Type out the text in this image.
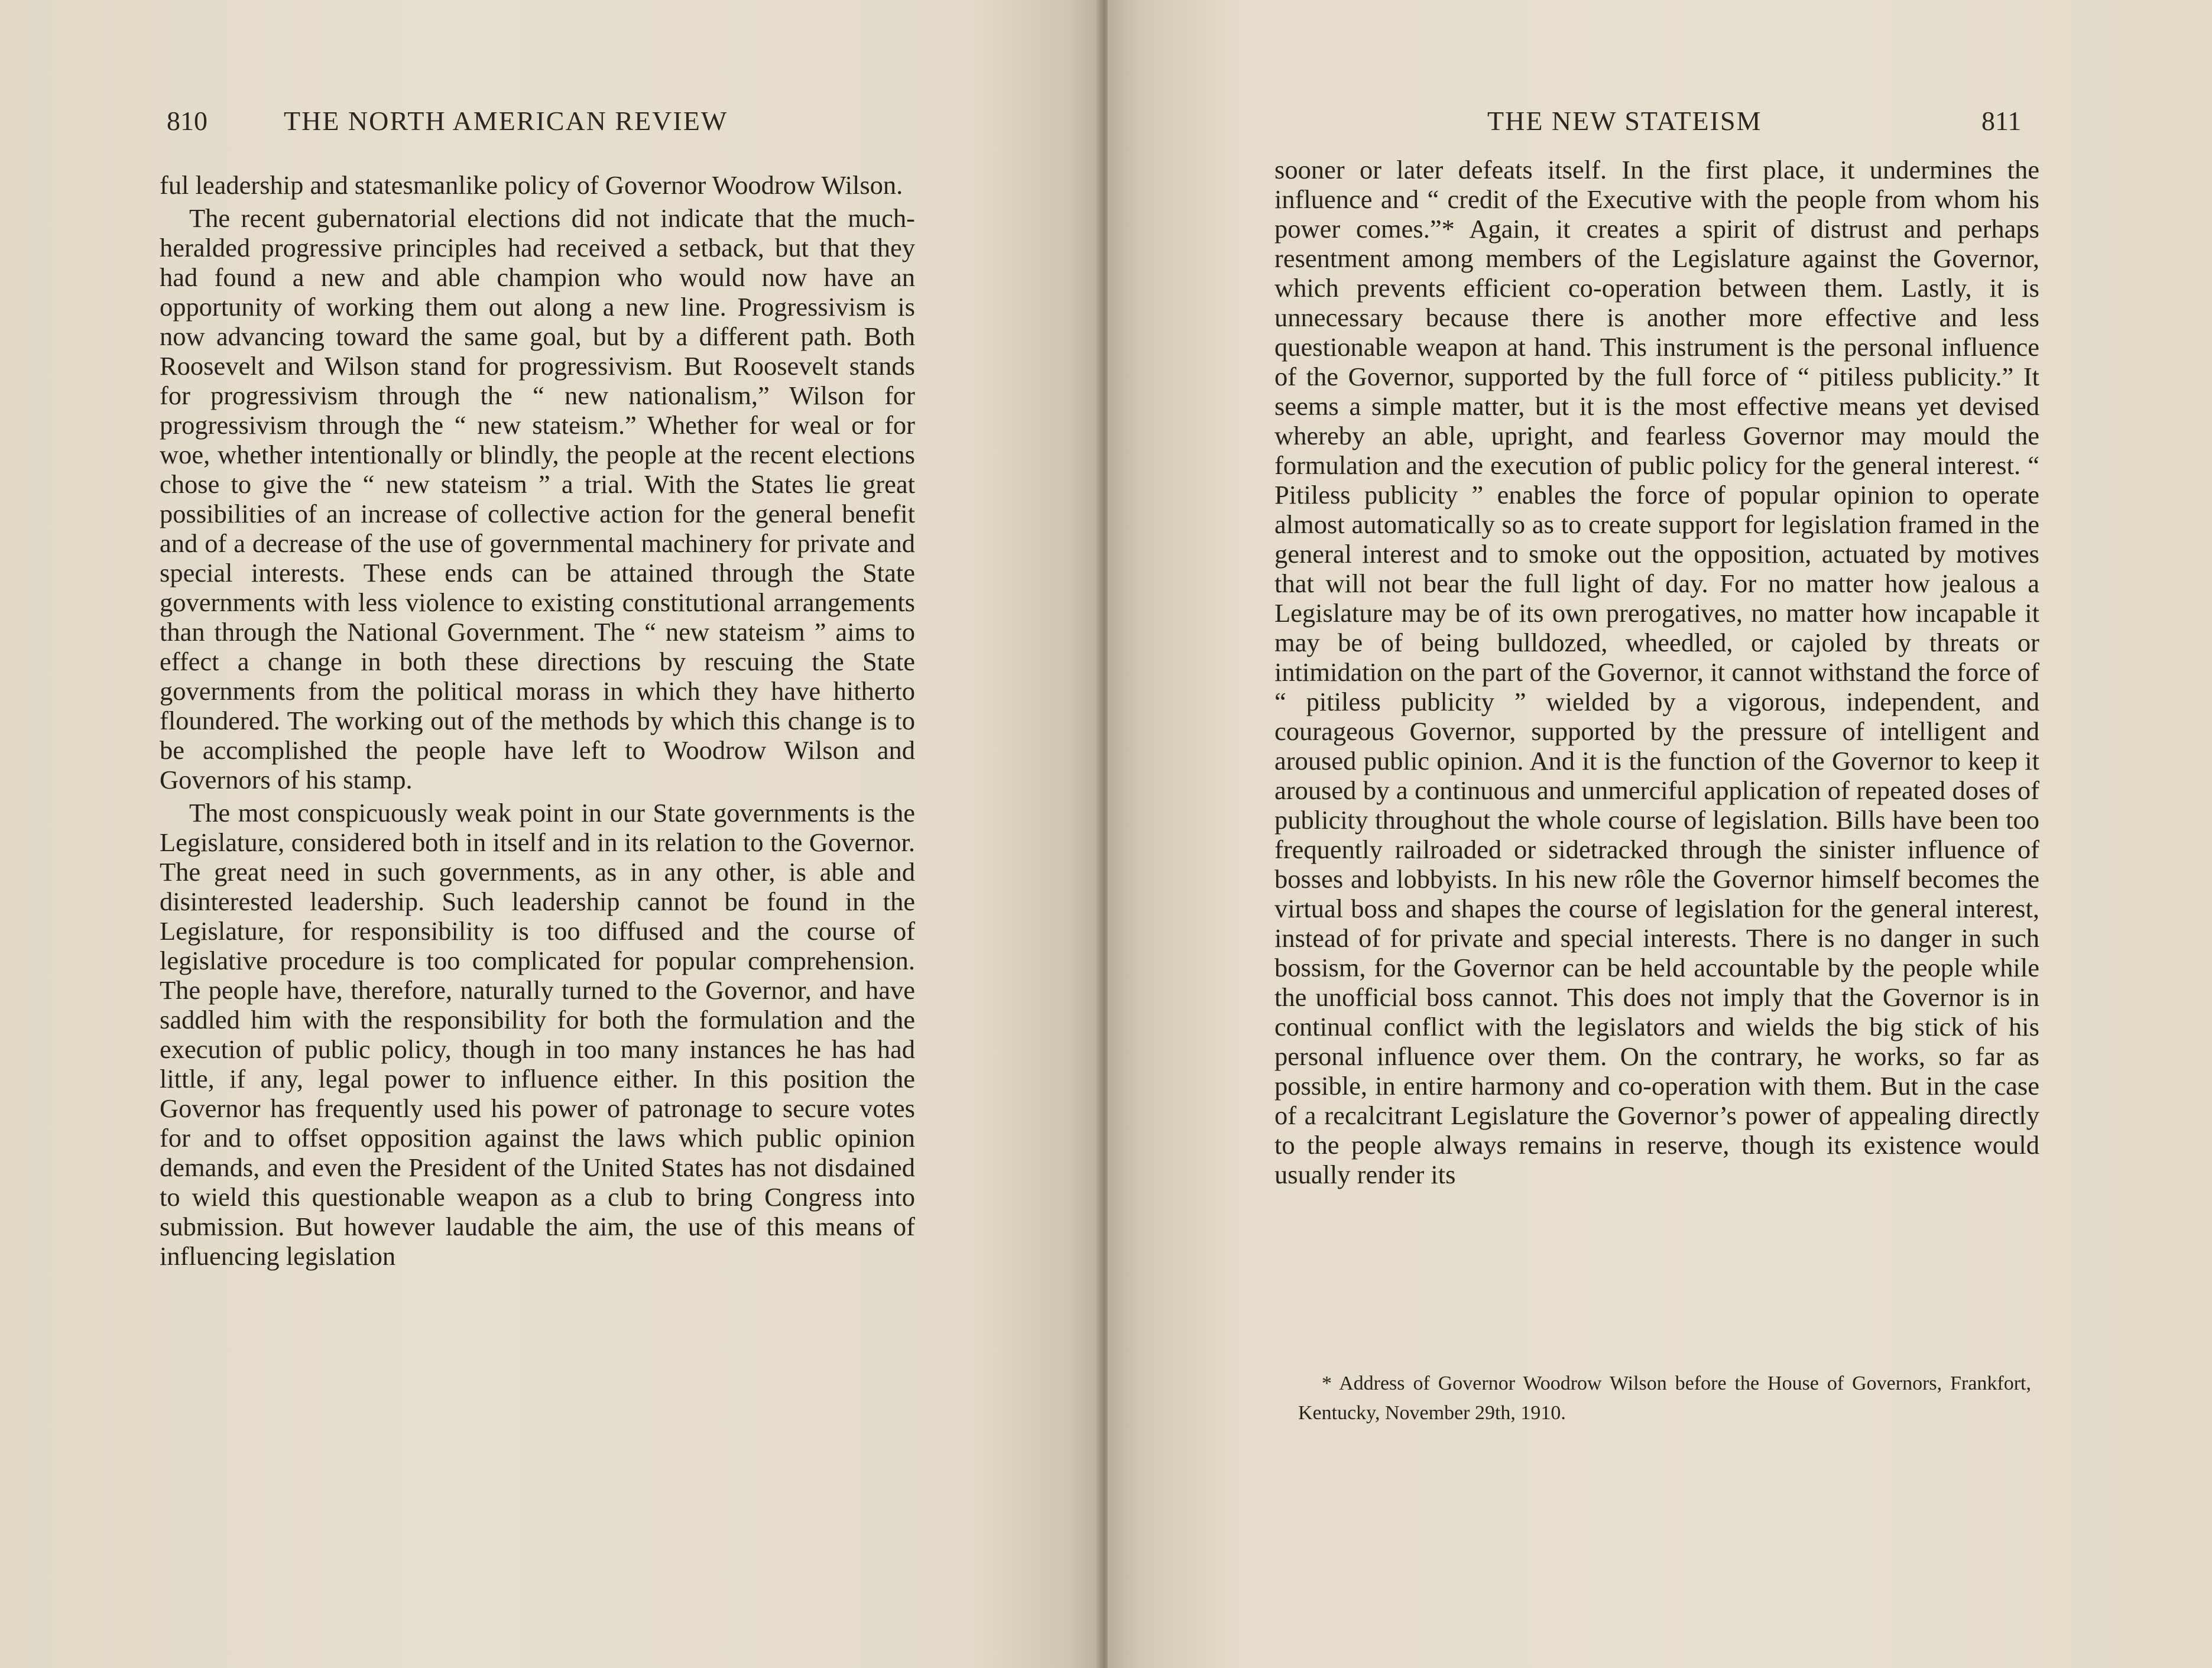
810	THE NORTH AMERICAN REVIEW

ful leadership and statesmanlike policy of Governor Woodrow Wilson.

The recent gubernatorial elections did not indicate that the much-heralded progressive principles had received a setback, but that they had found a new and able champion who would now have an opportunity of working them out along a new line. Progressivism is now advancing toward the same goal, but by a different path. Both Roosevelt and Wilson stand for progressivism. But Roosevelt stands for progressivism through the “ new nationalism,” Wilson for progressivism through the “ new stateism.” Whether for weal or for woe, whether intentionally or blindly, the people at the recent elections chose to give the “ new stateism ” a trial. With the States lie great possibilities of an increase of collective action for the general benefit and of a decrease of the use of governmental machinery for private and special interests. These ends can be attained through the State governments with less violence to existing constitutional arrangements than through the National Government. The “ new stateism ” aims to effect a change in both these directions by rescuing the State governments from the political morass in which they have hitherto floundered. The working out of the methods by which this change is to be accomplished the people have left to Woodrow Wilson and Governors of his stamp.

The most conspicuously weak point in our State governments is the Legislature, considered both in itself and in its relation to the Governor. The great need in such governments, as in any other, is able and disinterested leadership. Such leadership cannot be found in the Legislature, for responsibility is too diffused and the course of legislative procedure is too complicated for popular comprehension. The people have, therefore, naturally turned to the Governor, and have saddled him with the responsibility for both the formulation and the execution of public policy, though in too many instances he has had little, if any, legal power to influence either. In this position the Governor has frequently used his power of patronage to secure votes for and to offset opposition against the laws which public opinion demands, and even the President of the United States has not disdained to wield this questionable weapon as a club to bring Congress into submission. But however laudable the aim, the use of this means of influencing legislation

THE NEW STATEISM	811

sooner or later defeats itself. In the first place, it undermines the influence and “ credit of the Executive with the people from whom his power comes.”* Again, it creates a spirit of distrust and perhaps resentment among members of the Legislature against the Governor, which prevents efficient co-operation between them. Lastly, it is unnecessary because there is another more effective and less questionable weapon at hand. This instrument is the personal influence of the Governor, supported by the full force of “ pitiless publicity.” It seems a simple matter, but it is the most effective means yet devised whereby an able, upright, and fearless Governor may mould the formulation and the execution of public policy for the general interest. “ Pitiless publicity ” enables the force of popular opinion to operate almost automatically so as to create support for legislation framed in the general interest and to smoke out the opposition, actuated by motives that will not bear the full light of day. For no matter how jealous a Legislature may be of its own prerogatives, no matter how incapable it may be of being bulldozed, wheedled, or cajoled by threats or intimidation on the part of the Governor, it cannot withstand the force of “ pitiless publicity ” wielded by a vigorous, independent, and courageous Governor, supported by the pressure of intelligent and aroused public opinion. And it is the function of the Governor to keep it aroused by a continuous and unmerciful application of repeated doses of publicity throughout the whole course of legislation. Bills have been too frequently railroaded or sidetracked through the sinister influence of bosses and lobbyists. In his new rôle the Governor himself becomes the virtual boss and shapes the course of legislation for the general interest, instead of for private and special interests. There is no danger in such bossism, for the Governor can be held accountable by the people while the unofficial boss cannot. This does not imply that the Governor is in continual conflict with the legislators and wields the big stick of his personal influence over them. On the contrary, he works, so far as possible, in entire harmony and co-operation with them. But in the case of a recalcitrant Legislature the Governor’s power of appealing directly to the people always remains in reserve, though its existence would usually render its

* Address of Governor Woodrow Wilson before the House of Governors, Frankfort, Kentucky, November 29th, 1910.
